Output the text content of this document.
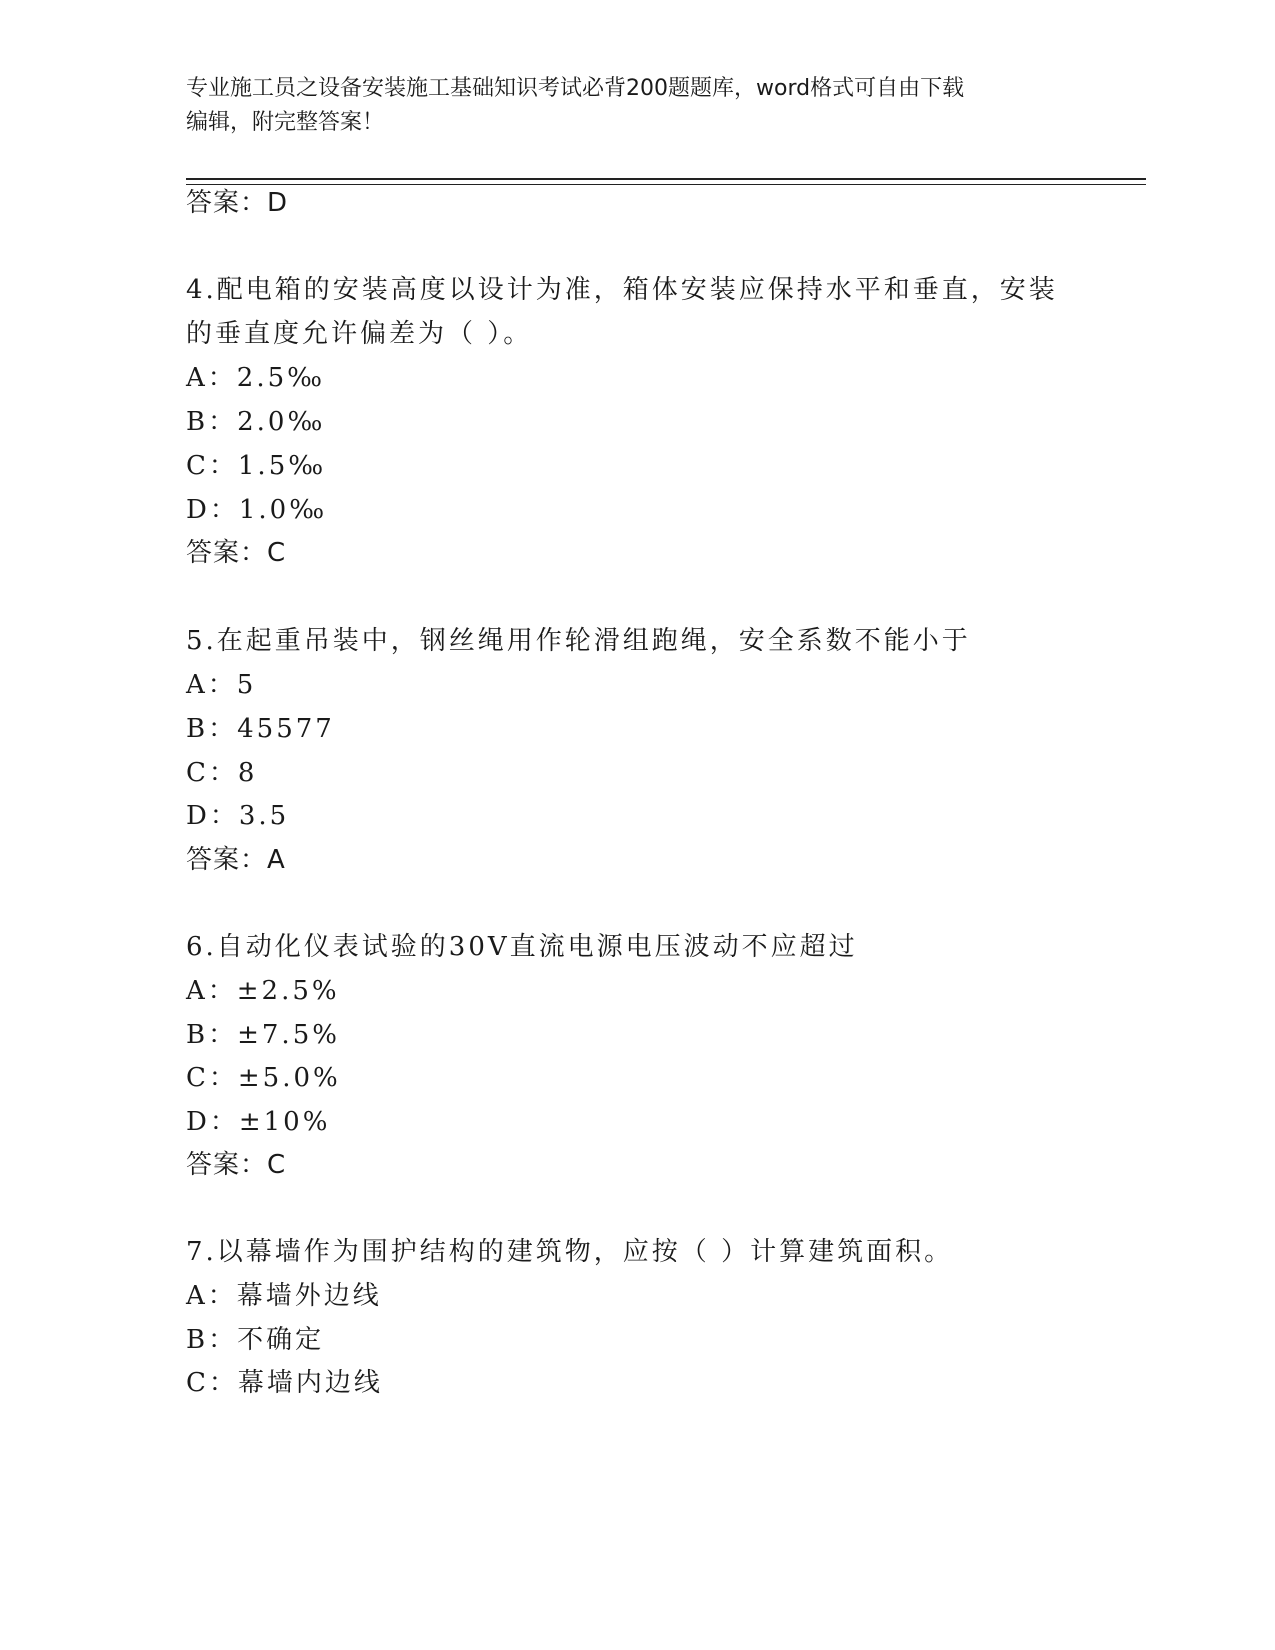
专业施工员之设备安装施工基础知识考试必背200题题库，word格式可自由下载
编辑，附完整答案！
答案：D
4.配电箱的安装高度以设计为准，箱体安装应保持水平和垂直，安装
的垂直度允许偏差为（ ）。
A：2.5‰
B：2.0‰
C：1.5‰
D：1.0‰
答案：C
5.在起重吊装中，钢丝绳用作轮滑组跑绳，安全系数不能小于
A：5
B：45577
C：8
D：3.5
答案：A
6.自动化仪表试验的30V直流电源电压波动不应超过
A：±2.5%
B：±7.5%
C：±5.0%
D：±10%
答案：C
7.以幕墙作为围护结构的建筑物，应按（ ）计算建筑面积。
A：幕墙外边线
B：不确定
C：幕墙内边线
